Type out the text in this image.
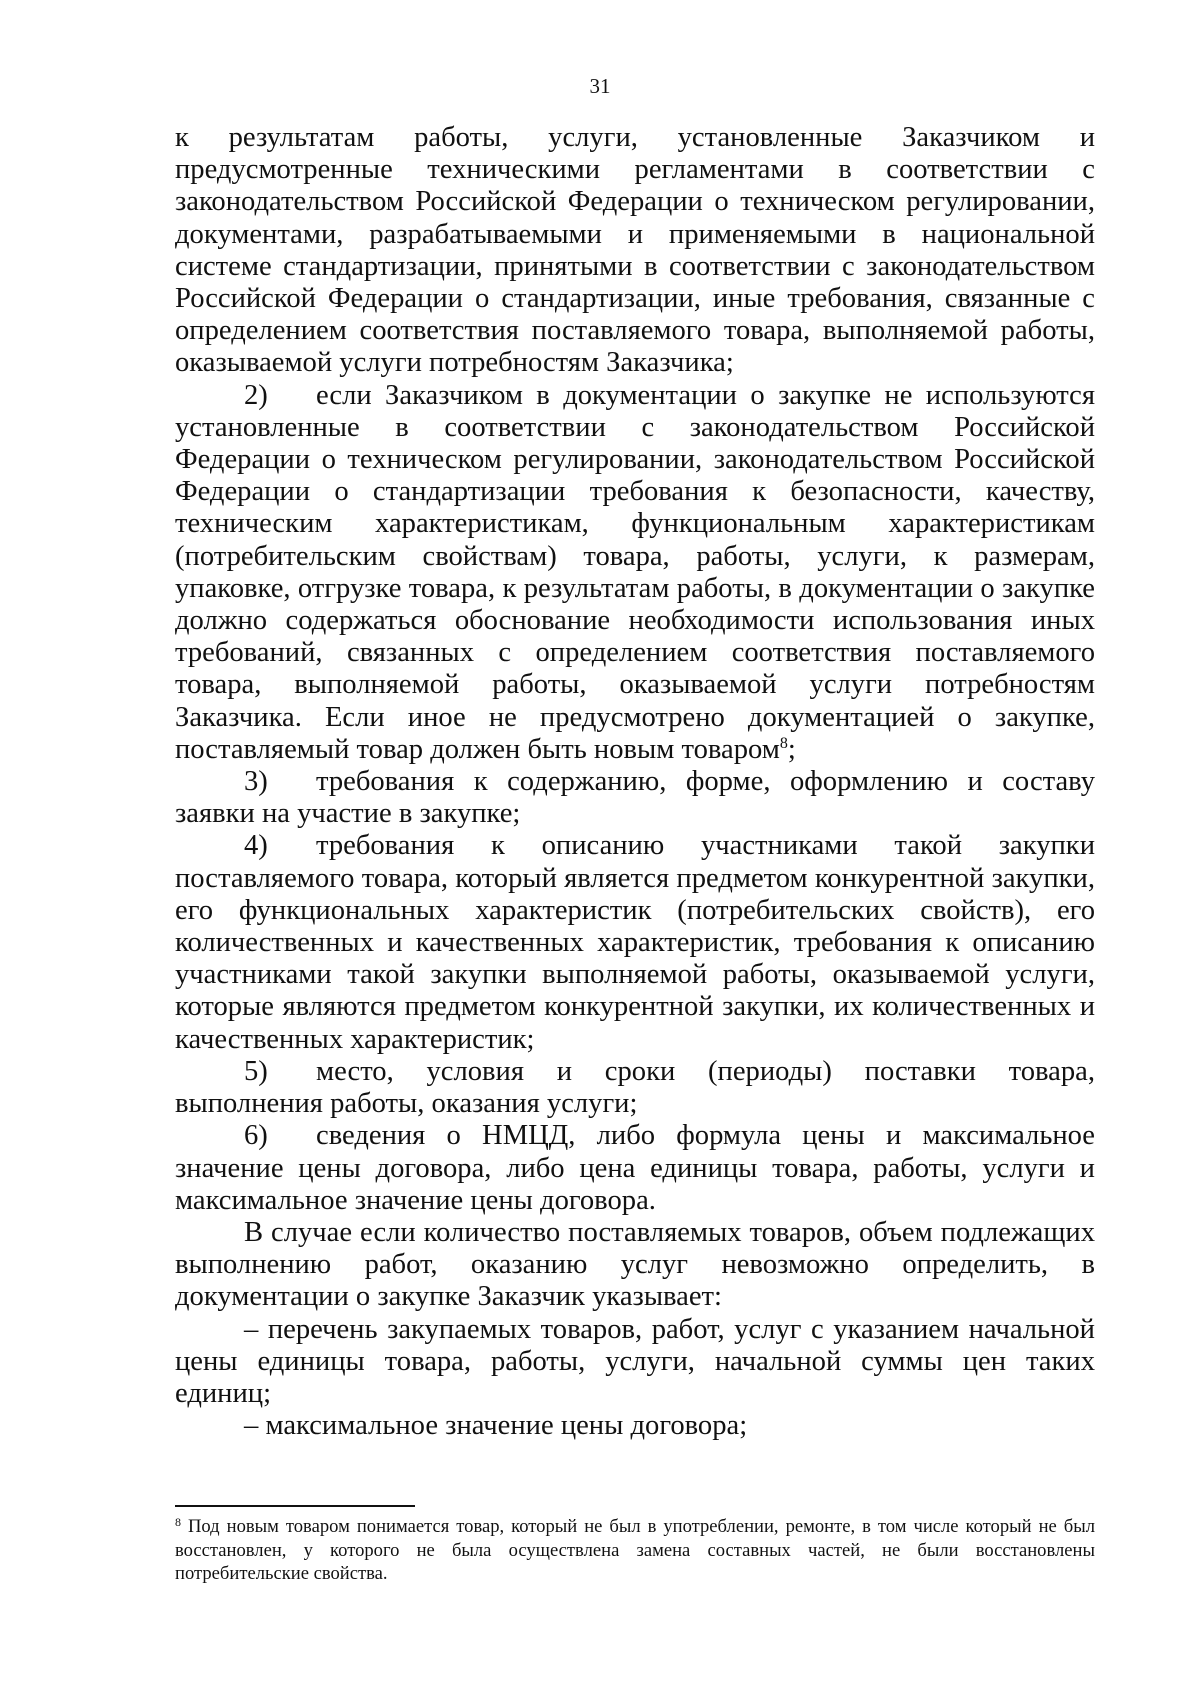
31

к результатам работы, услуги, установленные Заказчиком и предусмотренные техническими регламентами в соответствии с законодательством Российской Федерации о техническом регулировании, документами, разрабатываемыми и применяемыми в национальной системе стандартизации, принятыми в соответствии с законодательством Российской Федерации о стандартизации, иные требования, связанные с определением соответствия поставляемого товара, выполняемой работы, оказываемой услуги потребностям Заказчика;

2) если Заказчиком в документации о закупке не используются установленные в соответствии с законодательством Российской Федерации о техническом регулировании, законодательством Российской Федерации о стандартизации требования к безопасности, качеству, техническим характеристикам, функциональным характеристикам (потребительским свойствам) товара, работы, услуги, к размерам, упаковке, отгрузке товара, к результатам работы, в документации о закупке должно содержаться обоснование необходимости использования иных требований, связанных с определением соответствия поставляемого товара, выполняемой работы, оказываемой услуги потребностям Заказчика. Если иное не предусмотрено документацией о закупке, поставляемый товар должен быть новым товаром$^8$;

3) требования к содержанию, форме, оформлению и составу заявки на участие в закупке;

4) требования к описанию участниками такой закупки поставляемого товара, который является предметом конкурентной закупки, его функциональных характеристик (потребительских свойств), его количественных и качественных характеристик, требования к описанию участниками такой закупки выполняемой работы, оказываемой услуги, которые являются предметом конкурентной закупки, их количественных и качественных характеристик;

5) место, условия и сроки (периоды) поставки товара, выполнения работы, оказания услуги;

6) сведения о НМЦД, либо формула цены и максимальное значение цены договора, либо цена единицы товара, работы, услуги и максимальное значение цены договора.

В случае если количество поставляемых товаров, объем подлежащих выполнению работ, оказанию услуг невозможно определить, в документации о закупке Заказчик указывает:

– перечень закупаемых товаров, работ, услуг с указанием начальной цены единицы товара, работы, услуги, начальной суммы цен таких единиц;

– максимальное значение цены договора;

$^8$ Под новым товаром понимается товар, который не был в употреблении, ремонте, в том числе который не был восстановлен, у которого не была осуществлена замена составных частей, не были восстановлены потребительские свойства.
